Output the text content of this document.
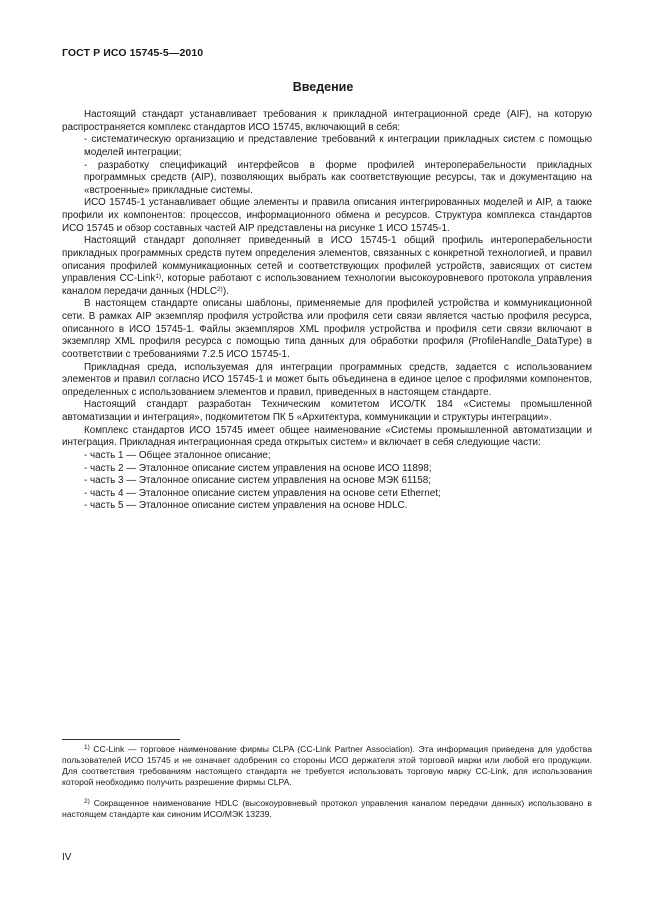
ГОСТ Р ИСО 15745-5—2010
Введение

Настоящий стандарт устанавливает требования к прикладной интеграционной среде (AIF), на которую распространяется комплекс стандартов ИСО 15745, включающий в себя:

- систематическую организацию и представление требований к интеграции прикладных систем с помощью моделей интеграции;

- разработку спецификаций интерфейсов в форме профилей интероперабельности прикладных программных средств (AIP), позволяющих выбрать как соответствующие ресурсы, так и документацию на «встроенные» прикладные системы.

ИСО 15745-1 устанавливает общие элементы и правила описания интегрированных моделей и AIP, а также профили их компонентов: процессов, информационного обмена и ресурсов. Структура комплекса стандартов ИСО 15745 и обзор составных частей AIP представлены на рисунке 1 ИСО 15745-1.

Настоящий стандарт дополняет приведенный в ИСО 15745-1 общий профиль интероперабельности прикладных программных средств путем определения элементов, связанных с конкретной технологией, и правил описания профилей коммуникационных сетей и соответствующих профилей устройств, зависящих от систем управления CC-Link$^{1)}$, которые работают с использованием технологии высокоуровневого протокола управления каналом передачи данных (HDLC$^{2)}$).

В настоящем стандарте описаны шаблоны, применяемые для профилей устройства и коммуникационной сети. В рамках AIP экземпляр профиля устройства или профиля сети связи является частью профиля ресурса, описанного в ИСО 15745-1. Файлы экземпляров XML профиля устройства и профиля сети связи включают в экземпляр XML профиля ресурса с помощью типа данных для обработки профиля (ProfileHandle_DataType) в соответствии с требованиями 7.2.5 ИСО 15745-1.

Прикладная среда, используемая для интеграции программных средств, задается с использованием элементов и правил согласно ИСО 15745-1 и может быть объединена в единое целое с профилями компонентов, определенных с использованием элементов и правил, приведенных в настоящем стандарте.

Настоящий стандарт разработан Техническим комитетом ИСО/ТК 184 «Системы промышленной автоматизации и интеграция», подкомитетом ПК 5 «Архитектура, коммуникации и структуры интеграции».

Комплекс стандартов ИСО 15745 имеет общее наименование «Системы промышленной автоматизации и интеграция. Прикладная интеграционная среда открытых систем» и включает в себя следующие части:

- часть 1 — Общее эталонное описание;

- часть 2 — Эталонное описание систем управления на основе ИСО 11898;

- часть 3 — Эталонное описание систем управления на основе МЭК 61158;

- часть 4 — Эталонное описание систем управления на основе сети Ethernet;

- часть 5 — Эталонное описание систем управления на основе HDLC.

$^{1)}$ CC-Link — торговое наименование фирмы CLPA (CC-Link Partner Association). Эта информация приведена для удобства пользователей ИСО 15745 и не означает одобрения со стороны ИСО держателя этой торговой марки или любой его продукции. Для соответствия требованиям настоящего стандарта не требуется использовать торговую марку CC-Link, для использования которой необходимо получить разрешение фирмы CLPA.
$^{2)}$ Сокращенное наименование HDLC (высокоуровневый протокол управления каналом передачи данных) использовано в настоящем стандарте как синоним ИСО/МЭК 13239.
IV
